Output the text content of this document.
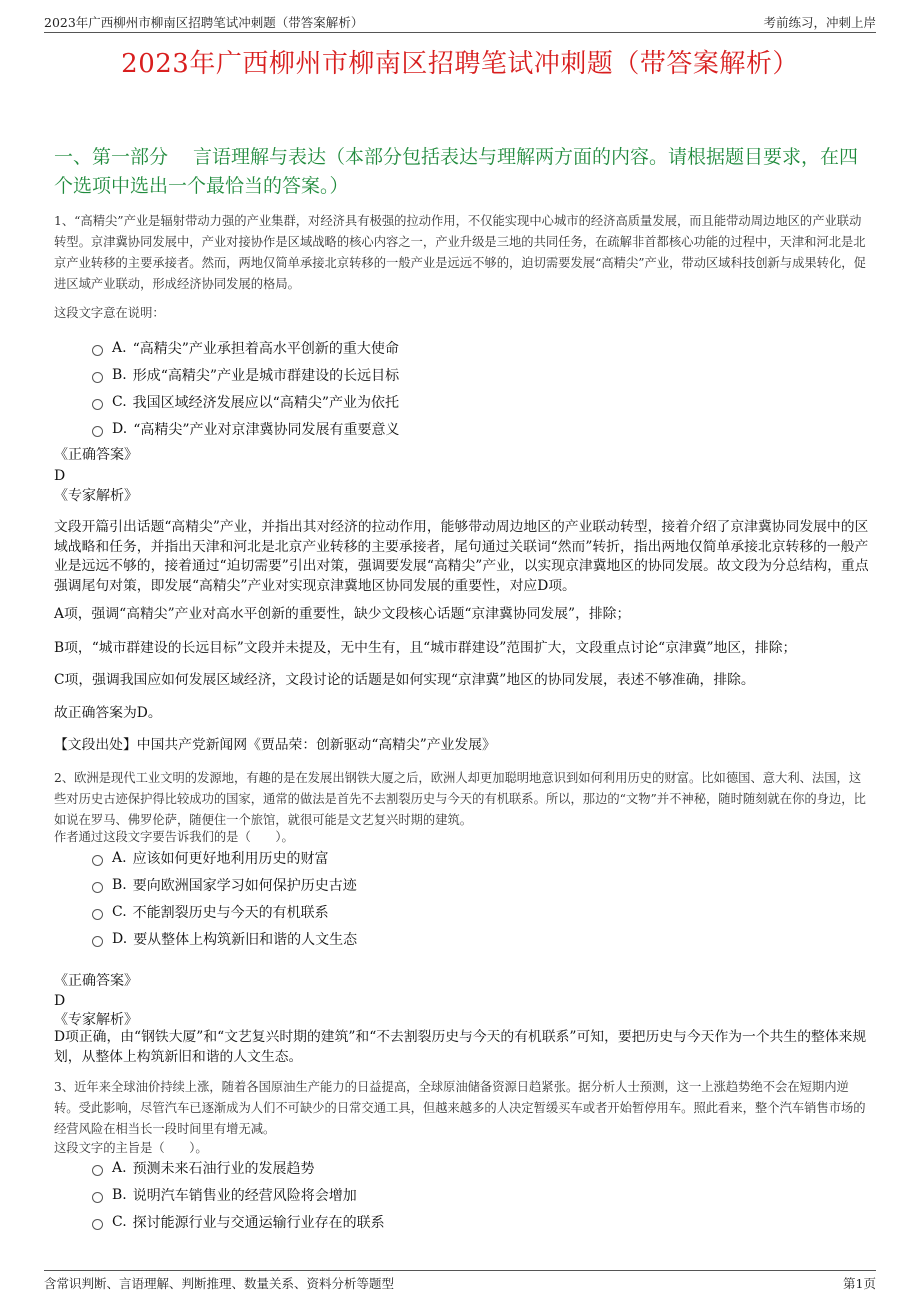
2023年广西柳州市柳南区招聘笔试冲刺题（带答案解析）	考前练习，冲刺上岸
2023年广西柳州市柳南区招聘笔试冲刺题（带答案解析）
一、第一部分　 言语理解与表达（本部分包括表达与理解两方面的内容。请根据题目要求，在四个选项中选出一个最恰当的答案。）
1、“高精尖”产业是辐射带动力强的产业集群，对经济具有极强的拉动作用，不仅能实现中心城市的经济高质量发展，而且能带动周边地区的产业联动转型。京津冀协同发展中，产业对接协作是区域战略的核心内容之一，产业升级是三地的共同任务，在疏解非首都核心功能的过程中，天津和河北是北京产业转移的主要承接者。然而，两地仅简单承接北京转移的一般产业是远远不够的，迫切需要发展“高精尖”产业，带动区域科技创新与成果转化，促进区域产业联动，形成经济协同发展的格局。
这段文字意在说明：
A. “高精尖”产业承担着高水平创新的重大使命
B. 形成“高精尖”产业是城市群建设的长远目标
C. 我国区域经济发展应以“高精尖”产业为依托
D. “高精尖”产业对京津冀协同发展有重要意义
《正确答案》
D
《专家解析》
文段开篇引出话题“高精尖”产业，并指出其对经济的拉动作用，能够带动周边地区的产业联动转型，接着介绍了京津冀协同发展中的区域战略和任务，并指出天津和河北是北京产业转移的主要承接者，尾句通过关联词“然而”转折，指出两地仅简单承接北京转移的一般产业是远远不够的，接着通过“迫切需要”引出对策，强调要发展“高精尖”产业，以实现京津冀地区的协同发展。故文段为分总结构，重点强调尾句对策，即发展“高精尖”产业对实现京津冀地区协同发展的重要性，对应D项。
A项，强调“高精尖”产业对高水平创新的重要性，缺少文段核心话题“京津冀协同发展”，排除；
B项，“城市群建设的长远目标”文段并未提及，无中生有，且“城市群建设”范围扩大，文段重点讨论“京津冀”地区，排除；
C项，强调我国应如何发展区域经济，文段讨论的话题是如何实现“京津冀”地区的协同发展，表述不够准确，排除。
故正确答案为D。
【文段出处】中国共产党新闻网《贾品荣：创新驱动“高精尖”产业发展》
2、欧洲是现代工业文明的发源地，有趣的是在发展出钢铁大厦之后，欧洲人却更加聪明地意识到如何利用历史的财富。比如德国、意大利、法国，这些对历史古迹保护得比较成功的国家，通常的做法是首先不去割裂历史与今天的有机联系。所以，那边的“文物”并不神秘，随时随刻就在你的身边，比如说在罗马、佛罗伦萨，随便住一个旅馆，就很可能是文艺复兴时期的建筑。
作者通过这段文字要告诉我们的是（　　）。
A. 应该如何更好地利用历史的财富
B. 要向欧洲国家学习如何保护历史古迹
C. 不能割裂历史与今天的有机联系
D. 要从整体上构筑新旧和谐的人文生态
《正确答案》
D
《专家解析》
D项正确，由“钢铁大厦”和“文艺复兴时期的建筑”和“不去割裂历史与今天的有机联系”可知，要把历史与今天作为一个共生的整体来规划，从整体上构筑新旧和谐的人文生态。
3、近年来全球油价持续上涨，随着各国原油生产能力的日益提高，全球原油储备资源日趋紧张。据分析人士预测，这一上涨趋势绝不会在短期内逆转。受此影响，尽管汽车已逐渐成为人们不可缺少的日常交通工具，但越来越多的人决定暂缓买车或者开始暂停用车。照此看来，整个汽车销售市场的经营风险在相当长一段时间里有增无减。
这段文字的主旨是（　　）。
A. 预测未来石油行业的发展趋势
B. 说明汽车销售业的经营风险将会增加
C. 探讨能源行业与交通运输行业存在的联系
含常识判断、言语理解、判断推理、数量关系、资料分析等题型	第1页
